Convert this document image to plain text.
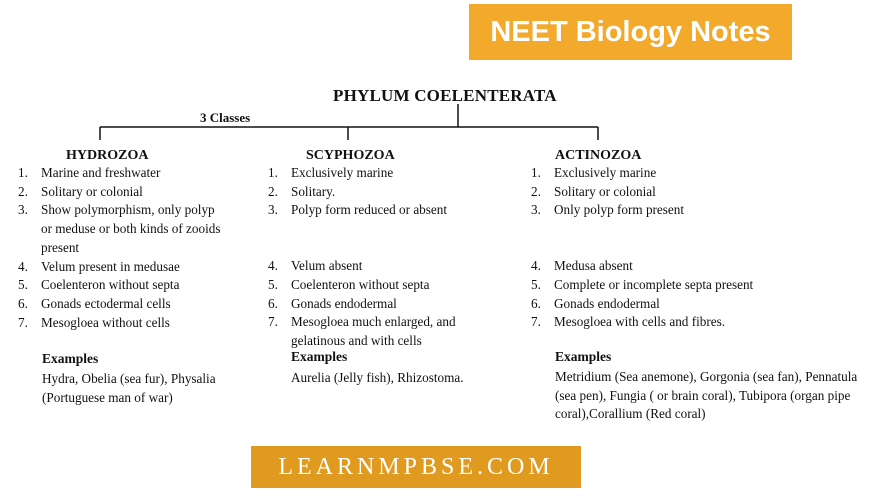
NEET Biology Notes
PHYLUM COELENTERATA
3 Classes
HYDROZOA
1. Marine and freshwater
2. Solitary or colonial
3. Show polymorphism, only polyp or meduse or both kinds of zooids present
4. Velum present in medusae
5. Coelenteron without septa
6. Gonads ectodermal cells
7. Mesogloea without cells
Examples
Hydra, Obelia (sea fur), Physalia (Portuguese man of war)
SCYPHOZOA
1. Exclusively marine
2. Solitary.
3. Polyp form reduced or absent
4. Velum absent
5. Coelenteron without septa
6. Gonads endodermal
7. Mesogloea much enlarged, and gelatinous and with cells
Examples
Aurelia (Jelly fish), Rhizostoma.
ACTINOZOA
1. Exclusively marine
2. Solitary or colonial
3. Only polyp form present
4. Medusa absent
5. Complete or incomplete septa present
6. Gonads endodermal
7. Mesogloea with cells and fibres.
Examples
Metridium (Sea anemone), Gorgonia (sea fan), Pennatula (sea pen), Fungia ( or brain coral), Tubipora (organ pipe coral),Corallium (Red coral)
LEARNMPBSE.COM
